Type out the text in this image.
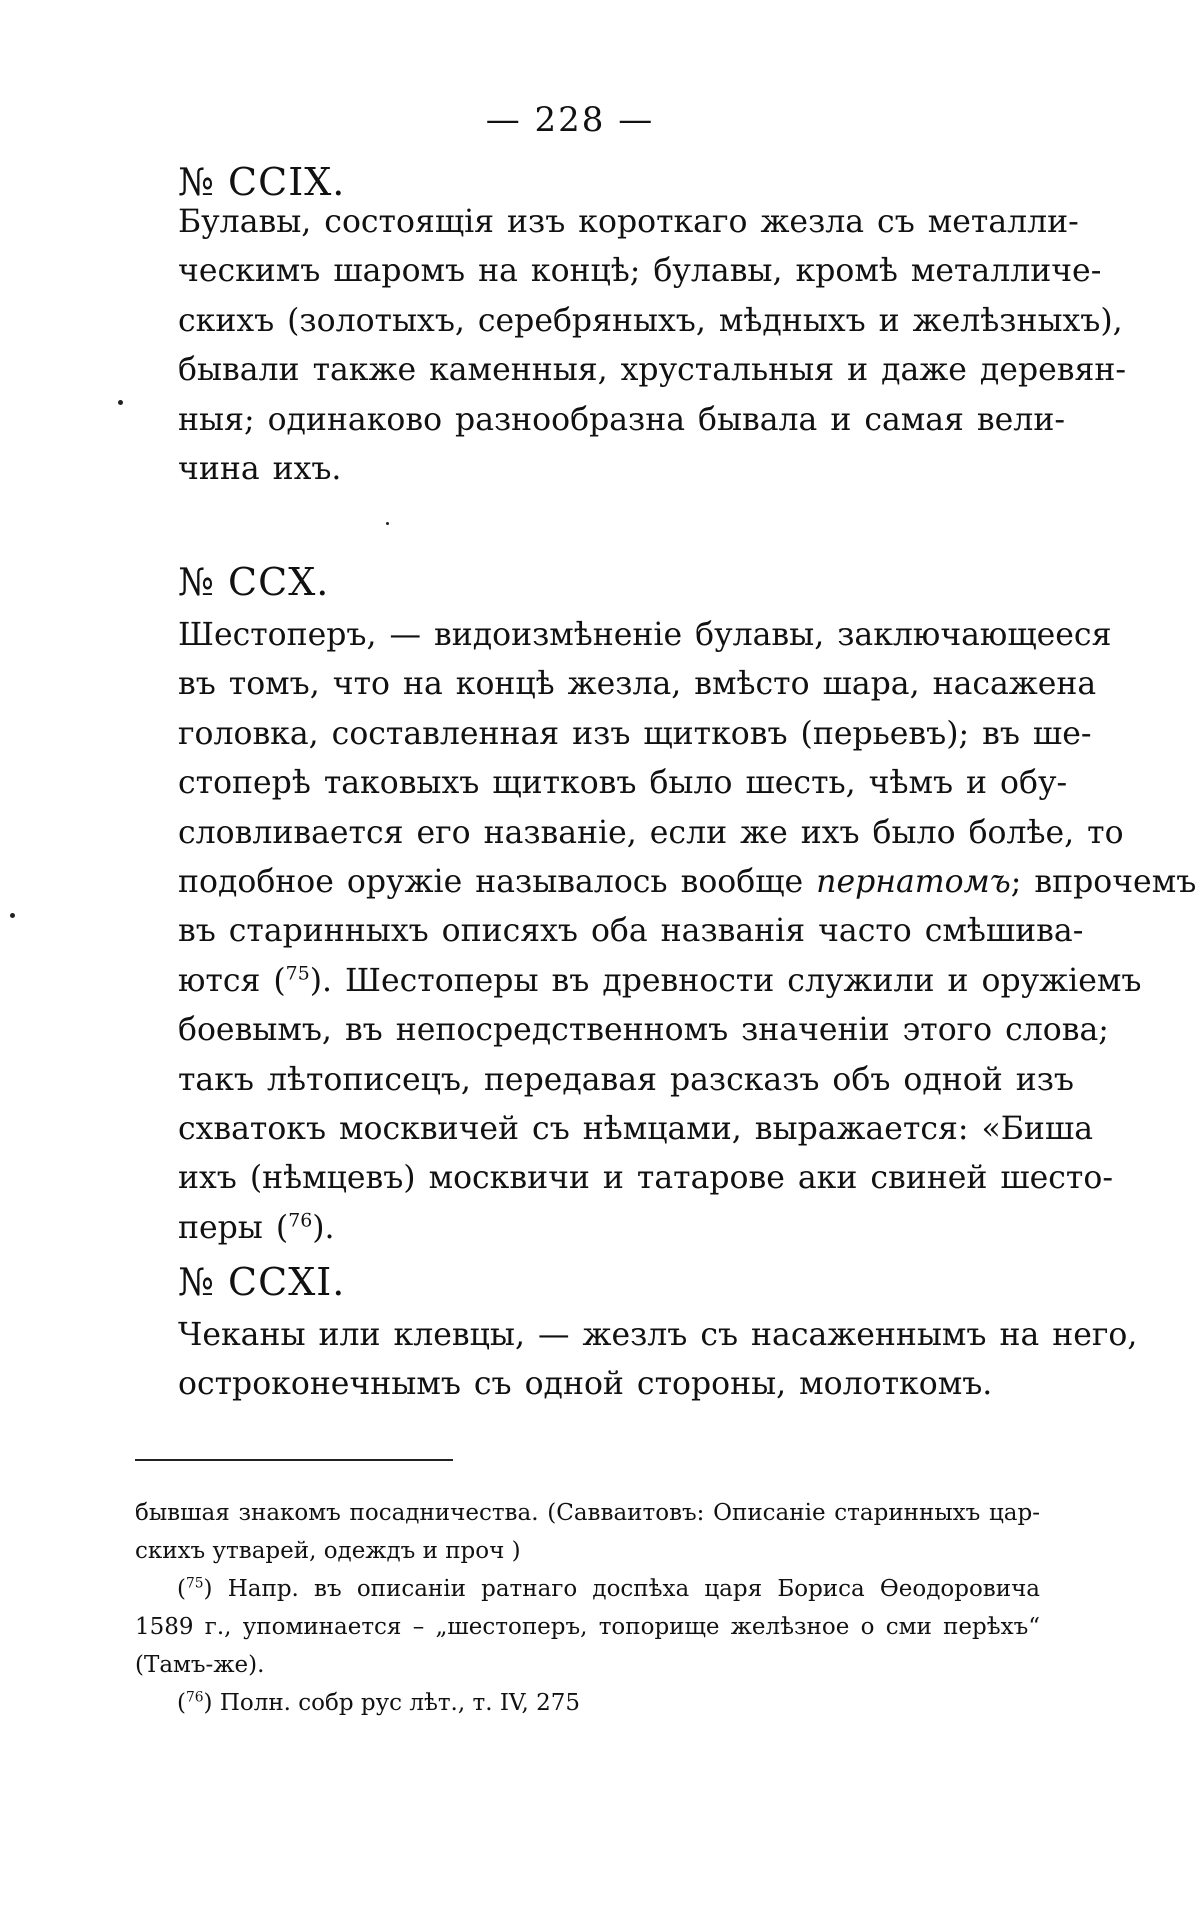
— 228 —
№ CCIX.
Булавы, состоящія изъ короткаго жезла съ металли-
ческимъ шаромъ на концѣ; булавы, кромѣ металличе-
скихъ (золотыхъ, серебряныхъ, мѣдныхъ и желѣзныхъ),
бывали также каменныя, хрустальныя и даже деревян-
ныя; одинаково разнообразна бывала и самая вели-
чина ихъ.
№ CCX.
Шестоперъ, — видоизмѣненіе булавы, заключающееся
въ томъ, что на концѣ жезла, вмѣсто шара, насажена
головка, составленная изъ щитковъ (перьевъ); въ ше-
стоперѣ таковыхъ щитковъ было шесть, чѣмъ и обу-
словливается его названіе, если же ихъ было болѣе, то
подобное оружіе называлось вообще пернатомъ; впрочемъ
въ старинныхъ описяхъ оба названія часто смѣшива-
ются ($^{75}$). Шестоперы въ древности служили и оружіемъ
боевымъ, въ непосредственномъ значеніи этого слова;
такъ лѣтописецъ, передавая разсказъ объ одной изъ
схватокъ москвичей съ нѣмцами, выражается: «Биша
ихъ (нѣмцевъ) москвичи и татарове аки свиней шесто-
перы ($^{76}$).
№ CCXI.
Чеканы или клевцы, — жезлъ съ насаженнымъ на него,
остроконечнымъ съ одной стороны, молоткомъ.
бывшая знакомъ посадничества. (Савваитовъ: Описаніе старинныхъ цар-
скихъ утварей, одеждъ и проч )
($^{75}$) Напр. въ описаніи ратнаго доспѣха царя Бориса Ѳеодоровича
1589 г., упоминается – „шестоперъ, топорище желѣзное о сми перѣхъ“
(Тамъ-же).
($^{76}$) Полн. собр рус лѣт., т. IV, 275
